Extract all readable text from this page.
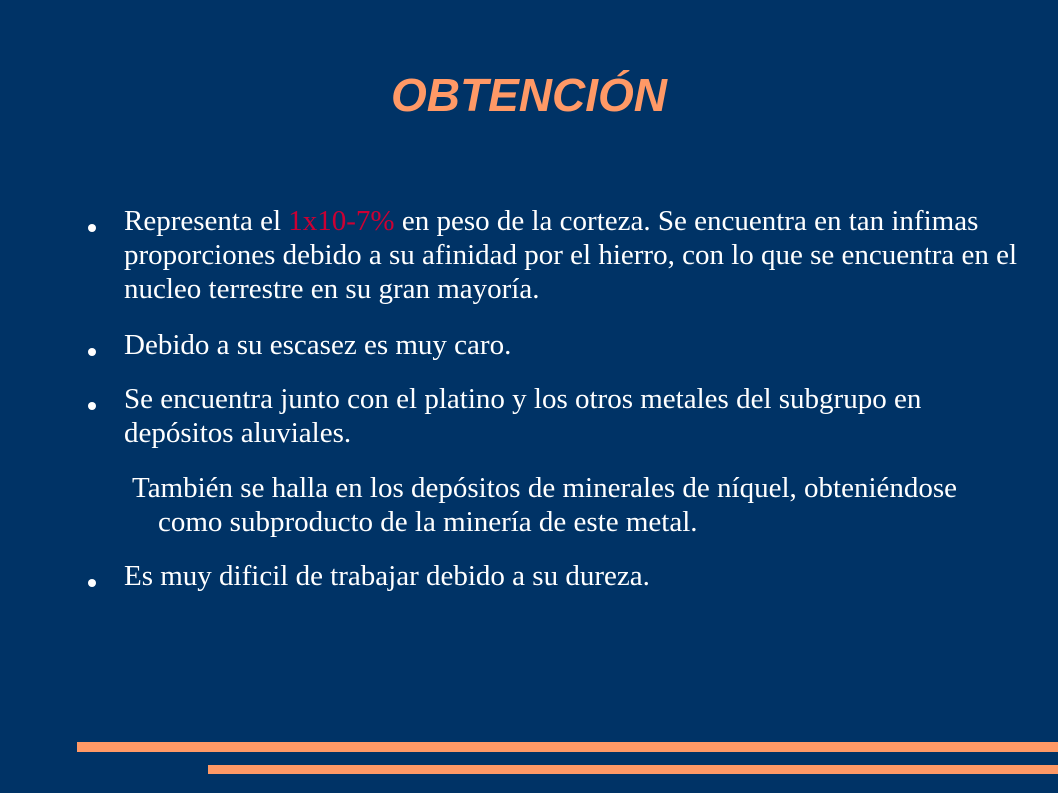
OBTENCIÓN
Representa el 1x10-7% en peso de la corteza. Se encuentra en tan infimas proporciones debido a su afinidad por el hierro, con lo que se encuentra en el nucleo terrestre en su gran mayoría.
Debido a su escasez es muy caro.
Se encuentra junto con el platino y los otros metales del subgrupo en depósitos aluviales.
También se halla en los depósitos de minerales de níquel, obteniéndose como subproducto de la minería de este metal.
Es muy dificil de trabajar debido a su dureza.
